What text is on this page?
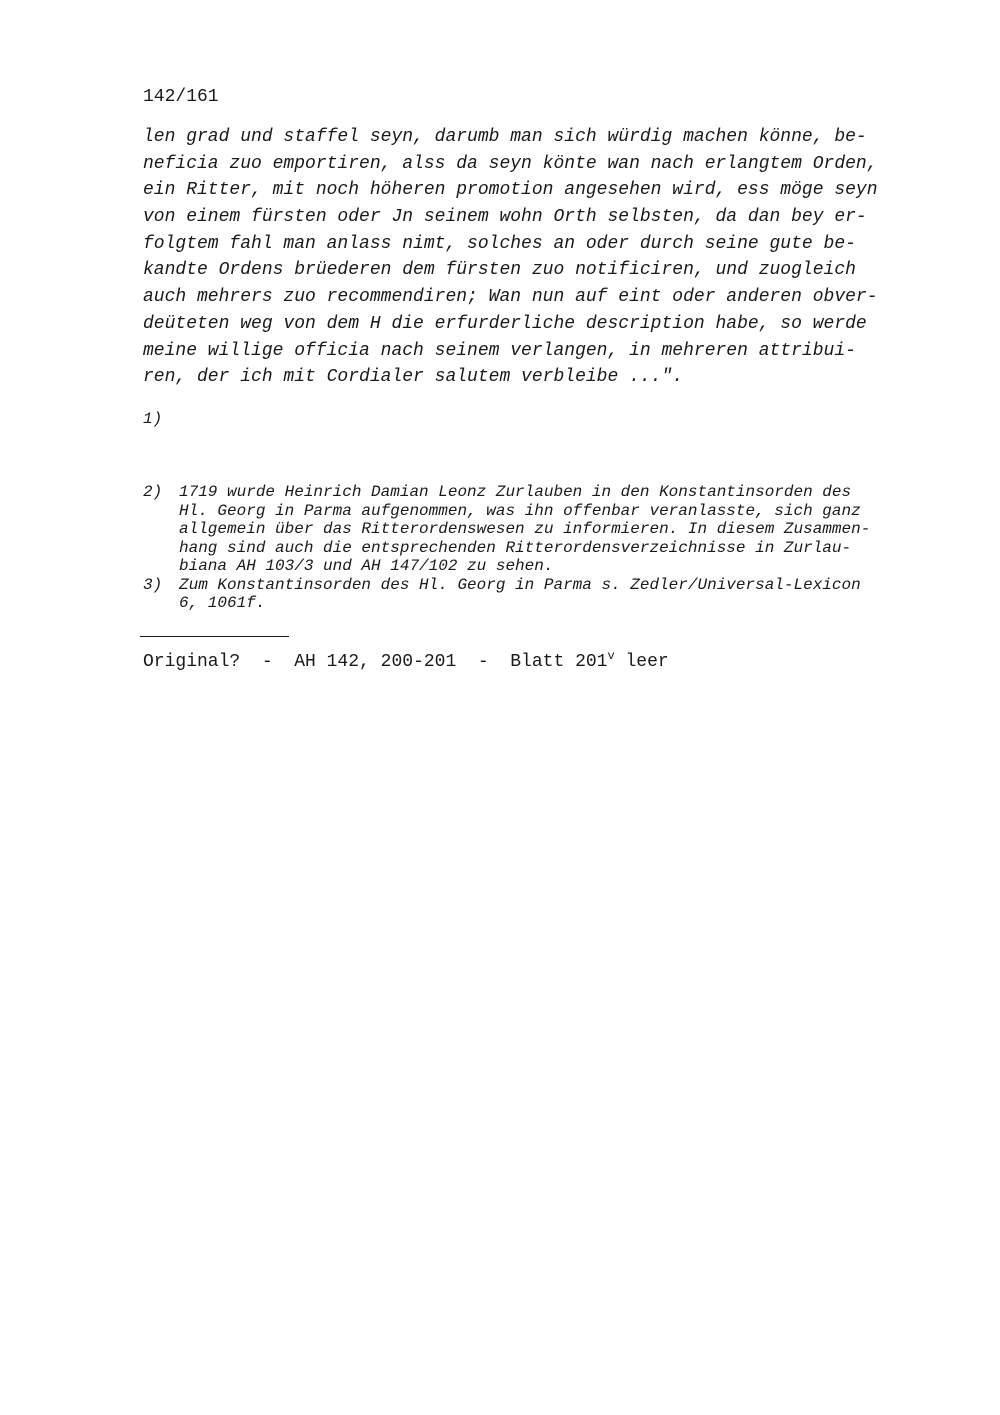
142/161
len grad und staffel seyn, darumb man sich würdig machen könne, be-
neficia zuo emportiren, alss da seyn könte wan nach erlangtem Orden,
ein Ritter, mit noch höheren promotion angesehen wird, ess möge seyn
von einem fürsten oder Jn seinem wohn Orth selbsten, da dan bey er-
folgtem fahl man anlass nimt, solches an oder durch seine gute be-
kandte Ordens brüederen dem fürsten zuo notificiren, und zuogleich
auch mehrers zuo recommendiren; Wan nun auf eint oder anderen obver-
deüteten weg von dem H die erfurderliche description habe, so werde
meine willige officia nach seinem verlangen, in mehreren attribui-
ren, der ich mit Cordialer salutem verbleibe ...".
1)
2)	1719 wurde Heinrich Damian Leonz Zurlauben in den Konstantinsorden des
Hl. Georg in Parma aufgenommen, was ihn offenbar veranlasste, sich ganz
allgemein über das Ritterordenswesen zu informieren. In diesem Zusammen-
hang sind auch die entsprechenden Ritterordensverzeichnisse in Zurlau-
biana AH 103/3 und AH 147/102 zu sehen.
3)	Zum Konstantinsorden des Hl. Georg in Parma s. Zedler/Universal-Lexicon
6, 1061f.
Original?  -  AH 142, 200-201  -  Blatt 201$^v$ leer
